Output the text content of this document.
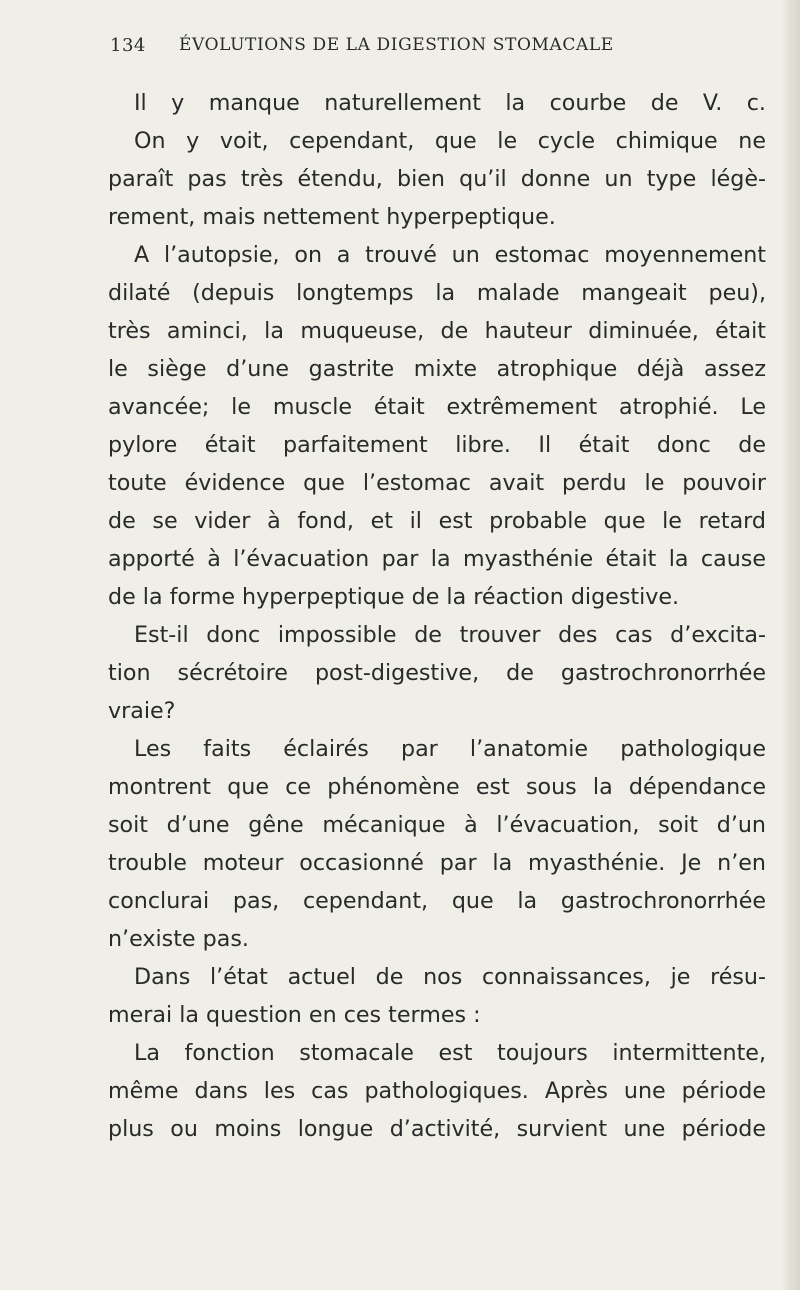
134 ÉVOLUTIONS DE LA DIGESTION STOMACALE
Il y manque naturellement la courbe de V. c.
On y voit, cependant, que le cycle chimique ne
paraît pas très étendu, bien qu’il donne un type légè-
rement, mais nettement hyperpeptique.
A l’autopsie, on a trouvé un estomac moyennement
dilaté (depuis longtemps la malade mangeait peu),
très aminci, la muqueuse, de hauteur diminuée, était
le siège d’une gastrite mixte atrophique déjà assez
avancée; le muscle était extrêmement atrophié. Le
pylore était parfaitement libre. Il était donc de
toute évidence que l’estomac avait perdu le pouvoir
de se vider à fond, et il est probable que le retard
apporté à l’évacuation par la myasthénie était la cause
de la forme hyperpeptique de la réaction digestive.
Est-il donc impossible de trouver des cas d’excita-
tion sécrétoire post-digestive, de gastrochronorrhée
vraie?
Les faits éclairés par l’anatomie pathologique
montrent que ce phénomène est sous la dépendance
soit d’une gêne mécanique à l’évacuation, soit d’un
trouble moteur occasionné par la myasthénie. Je n’en
conclurai pas, cependant, que la gastrochronorrhée
n’existe pas.
Dans l’état actuel de nos connaissances, je résu-
merai la question en ces termes :
La fonction stomacale est toujours intermittente,
même dans les cas pathologiques. Après une période
plus ou moins longue d’activité, survient une période
